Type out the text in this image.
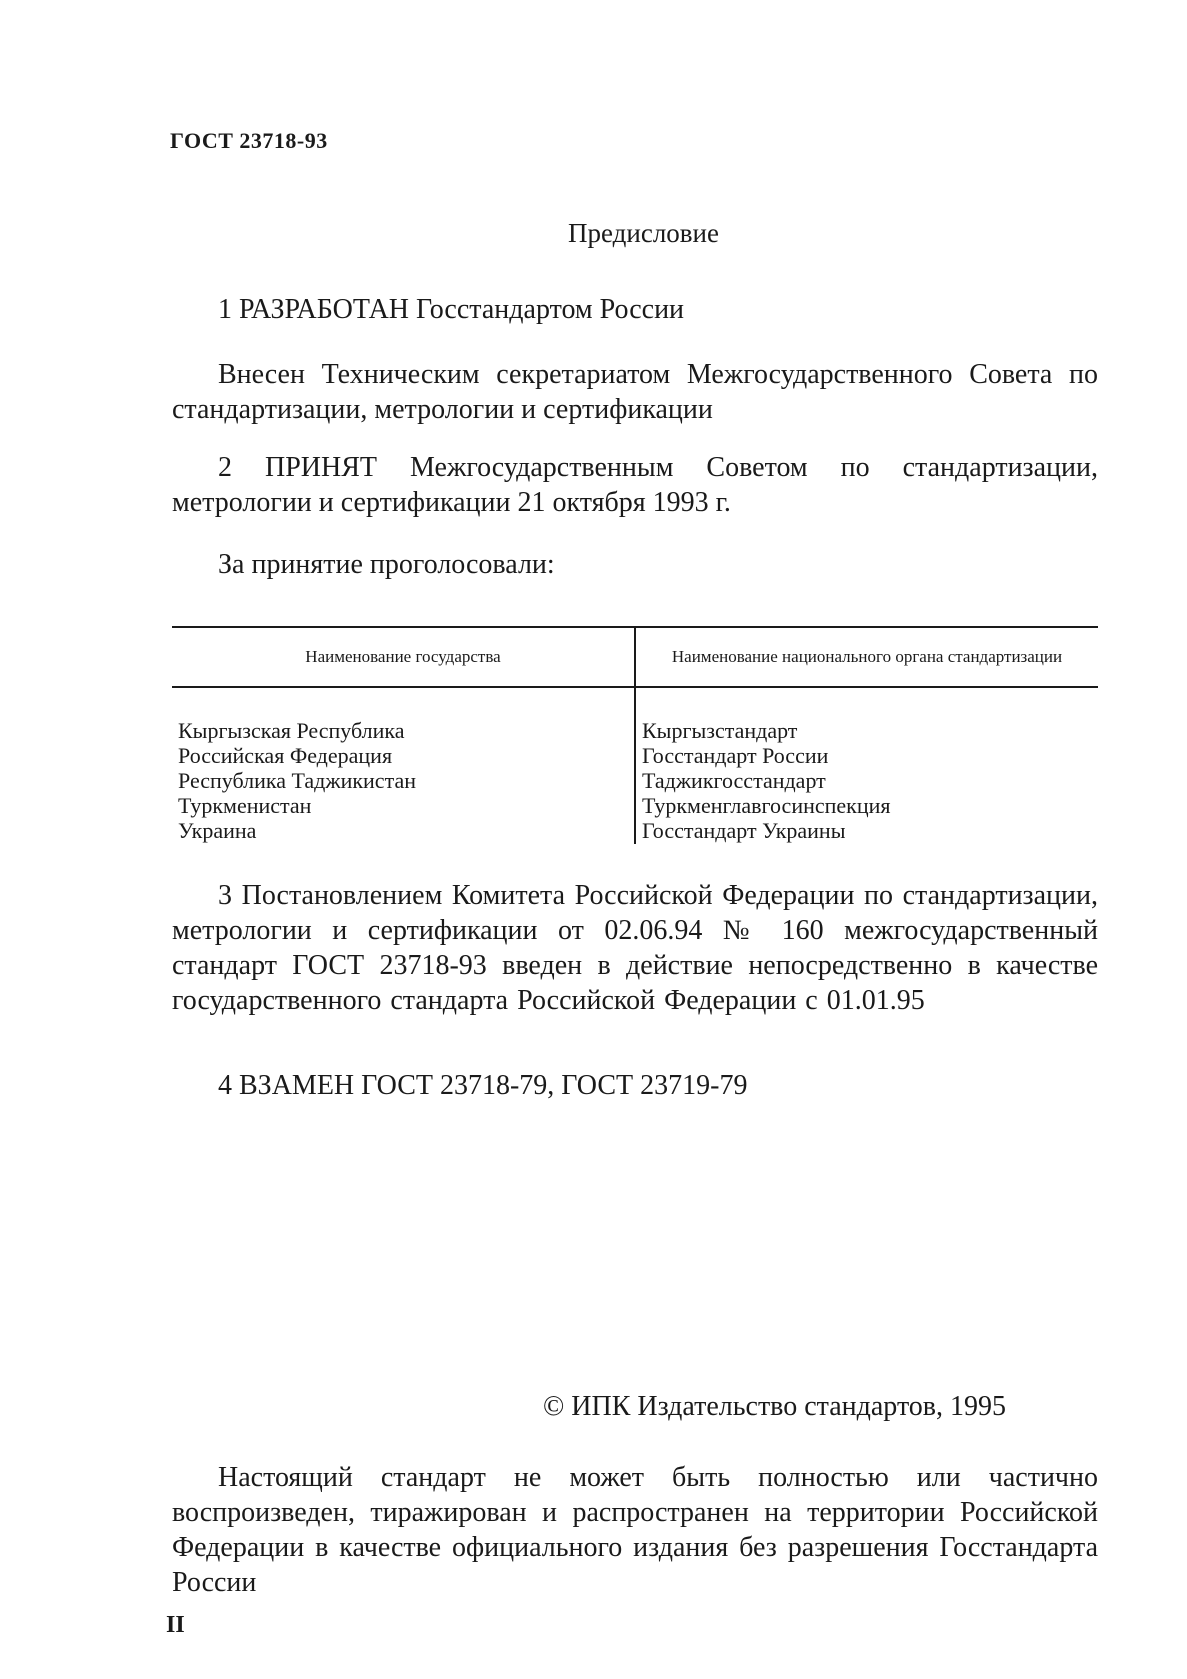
ГОСТ 23718-93
Предисловие
1 РАЗРАБОТАН Госстандартом России
Внесен Техническим секретариатом Межгосударственного Совета по стандартизации, метрологии и сертификации
2 ПРИНЯТ Межгосударственным Советом по стандартизации, метрологии и сертификации 21 октября 1993 г.
За принятие проголосовали:
Наименование государства	Наименование национального органа стандартизации
Кыргызская Республика	Кыргызстандарт
Российская Федерация	Госстандарт России
Республика Таджикистан	Таджикгосстандарт
Туркменистан	Туркменглавгосинспекция
Украина	Госстандарт Украины
3 Постановлением Комитета Российской Федерации по стандартизации, метрологии и сертификации от 02.06.94 № 160 межгосударственный стандарт ГОСТ 23718-93 введен в действие непосредственно в качестве государственного стандарта Российской Федерации с 01.01.95
4 ВЗАМЕН ГОСТ 23718-79, ГОСТ 23719-79
© ИПК Издательство стандартов, 1995
Настоящий стандарт не может быть полностью или частично воспроизведен, тиражирован и распространен на территории Российской Федерации в качестве официального издания без разрешения Госстандарта России
II
